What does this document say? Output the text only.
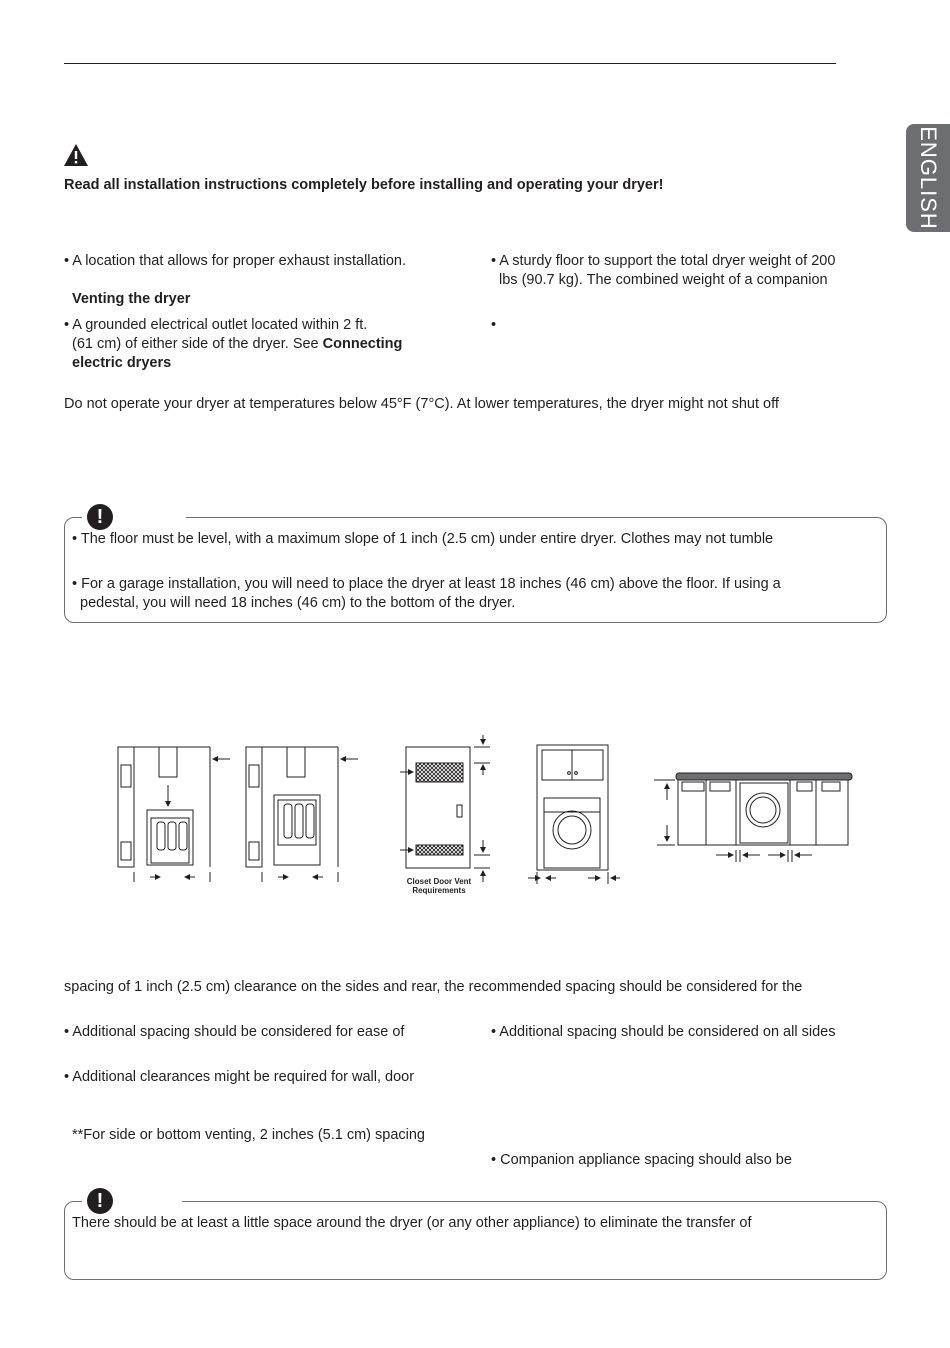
ENGLISH
Read all installation instructions completely before installing and operating your dryer!
• A location that allows for proper exhaust installation.
Venting the dryer
• A grounded electrical outlet located within 2 ft.
(61 cm) of either side of the dryer. See Connecting
electric dryers
• A sturdy floor to support the total dryer weight of 200
lbs (90.7 kg). The combined weight of a companion
•
Do not operate your dryer at temperatures below 45°F (7°C). At lower temperatures, the dryer might not shut off
!
• The floor must be level, with a maximum slope of 1 inch (2.5 cm) under entire dryer. Clothes may not tumble
• For a garage installation, you will need to place the dryer at least 18 inches (46 cm) above the floor. If using a
pedestal, you will need 18 inches (46 cm) to the bottom of the dryer.
Closet Door Vent
Requirements
spacing of 1 inch (2.5 cm) clearance on the sides and rear, the recommended spacing should be considered for the
• Additional spacing should be considered for ease of
• Additional clearances might be required for wall, door
**For side or bottom venting, 2 inches (5.1 cm) spacing
• Additional spacing should be considered on all sides
• Companion appliance spacing should also be
!
There should be at least a little space around the dryer (or any other appliance) to eliminate the transfer of
